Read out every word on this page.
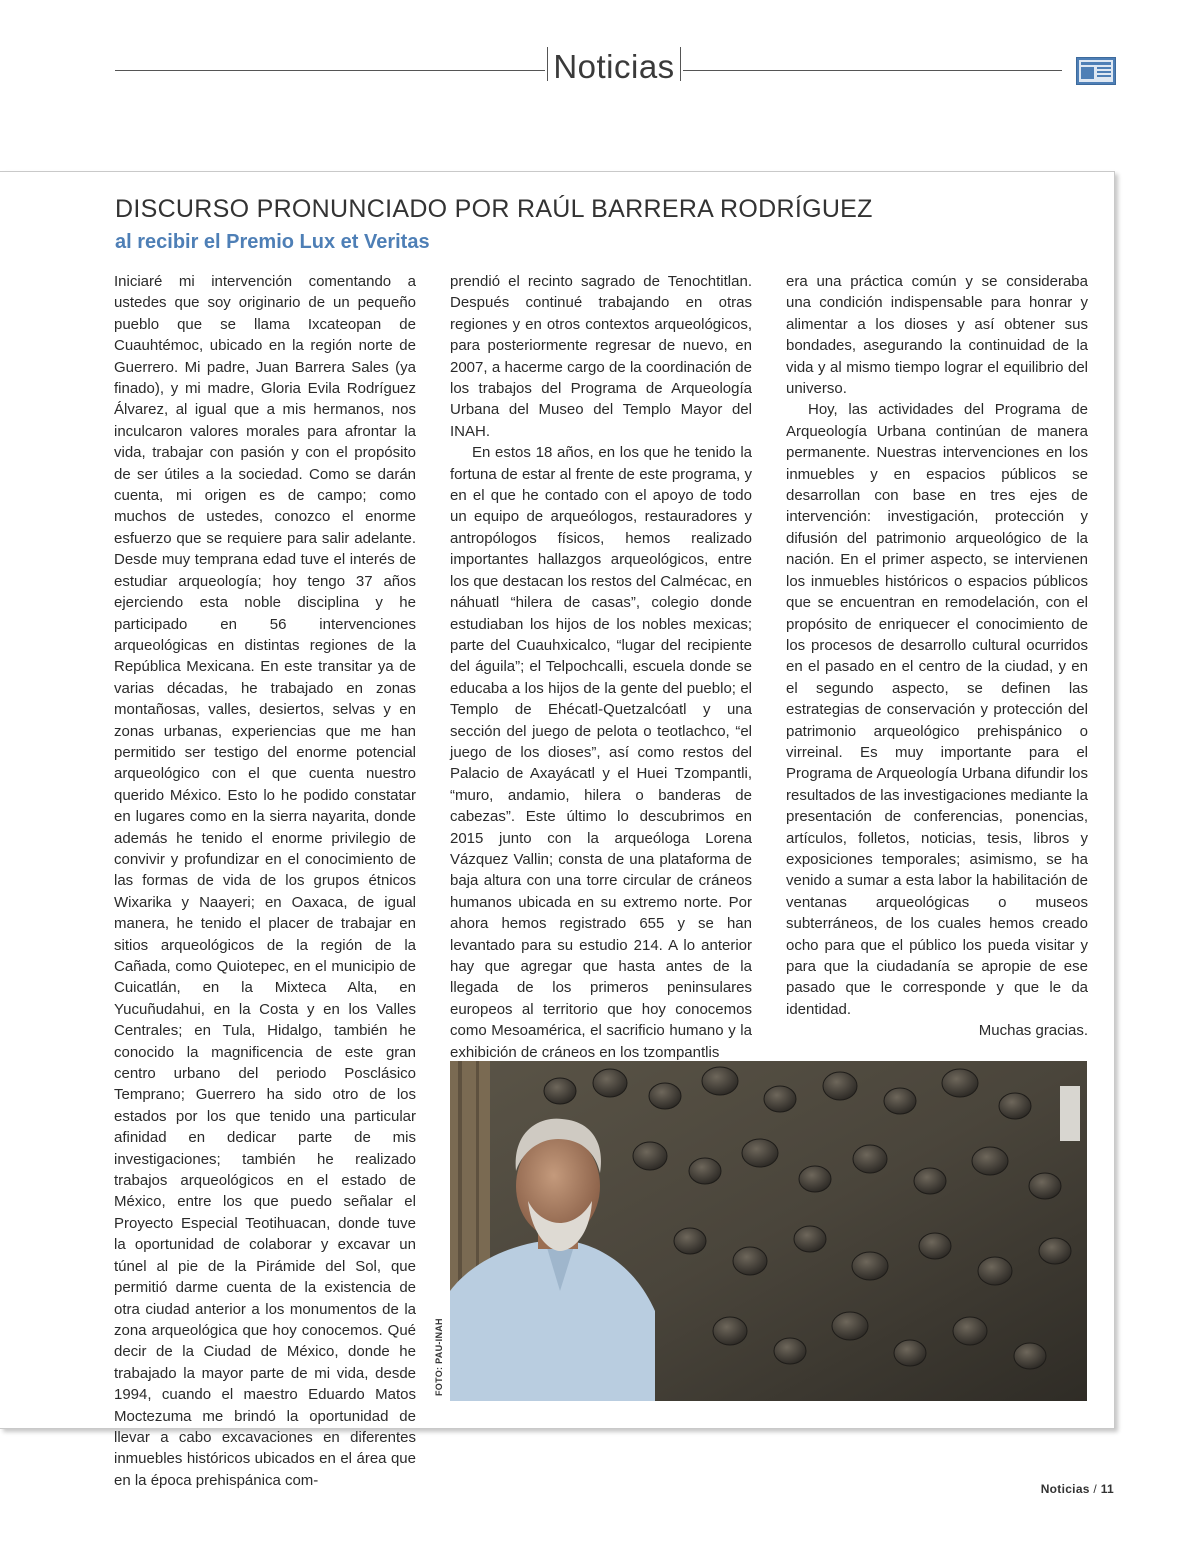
Noticias
DISCURSO PRONUNCIADO POR RAÚL BARRERA RODRÍGUEZ
al recibir el Premio Lux et Veritas

Iniciaré mi intervención comentando a ustedes que soy originario de un pequeño pueblo que se llama Ixcateopan de Cuauhtémoc, ubicado en la región norte de Guerrero. Mi padre, Juan Barrera Sales (ya finado), y mi madre, Gloria Evila Rodríguez Álvarez, al igual que a mis hermanos, nos inculcaron valores morales para afrontar la vida, trabajar con pasión y con el propósito de ser útiles a la sociedad. Como se darán cuenta, mi origen es de campo; como muchos de ustedes, conozco el enorme esfuerzo que se requiere para salir adelante. Desde muy temprana edad tuve el interés de estudiar arqueología; hoy tengo 37 años ejerciendo esta noble disciplina y he participado en 56 intervenciones arqueológicas en distintas regiones de la República Mexicana. En este transitar ya de varias décadas, he trabajado en zonas montañosas, valles, desiertos, selvas y en zonas urbanas, experiencias que me han permitido ser testigo del enorme potencial arqueológico con el que cuenta nuestro querido México. Esto lo he podido constatar en lugares como en la sierra nayarita, donde además he tenido el enorme privilegio de convivir y profundizar en el conocimiento de las formas de vida de los grupos étnicos Wixarika y Naayeri; en Oaxaca, de igual manera, he tenido el placer de trabajar en sitios arqueológicos de la región de la Cañada, como Quiotepec, en el municipio de Cuicatlán, en la Mixteca Alta, en Yucuñudahui, en la Costa y en los Valles Centrales; en Tula, Hidalgo, también he conocido la magnificencia de este gran centro urbano del periodo Posclásico Temprano; Guerrero ha sido otro de los estados por los que tenido una particular afinidad en dedicar parte de mis investigaciones; también he realizado trabajos arqueológicos en el estado de México, entre los que puedo señalar el Proyecto Especial Teotihuacan, donde tuve la oportunidad de colaborar y excavar un túnel al pie de la Pirámide del Sol, que permitió darme cuenta de la existencia de otra ciudad anterior a los monumentos de la zona arqueológica que hoy conocemos. Qué decir de la Ciudad de México, donde he trabajado la mayor parte de mi vida, desde 1994, cuando el maestro Eduardo Matos Moctezuma me brindó la oportunidad de llevar a cabo excavaciones en diferentes inmuebles históricos ubicados en el área que en la época prehispánica com-

prendió el recinto sagrado de Tenochtitlan. Después continué trabajando en otras regiones y en otros contextos arqueológicos, para posteriormente regresar de nuevo, en 2007, a hacerme cargo de la coordinación de los trabajos del Programa de Arqueología Urbana del Museo del Templo Mayor del INAH.

En estos 18 años, en los que he tenido la fortuna de estar al frente de este programa, y en el que he contado con el apoyo de todo un equipo de arqueólogos, restauradores y antropólogos físicos, hemos realizado importantes hallazgos arqueológicos, entre los que destacan los restos del Calmécac, en náhuatl “hilera de casas”, colegio donde estudiaban los hijos de los nobles mexicas; parte del Cuauhxicalco, “lugar del recipiente del águila”; el Telpochcalli, escuela donde se educaba a los hijos de la gente del pueblo; el Templo de Ehécatl-Quetzalcóatl y una sección del juego de pelota o teotlachco, “el juego de los dioses”, así como restos del Palacio de Axayácatl y el Huei Tzompantli, “muro, andamio, hilera o banderas de cabezas”. Este último lo descubrimos en 2015 junto con la arqueóloga Lorena Vázquez Vallin; consta de una plataforma de baja altura con una torre circular de cráneos humanos ubicada en su extremo norte. Por ahora hemos registrado 655 y se han levantado para su estudio 214. A lo anterior hay que agregar que hasta antes de la llegada de los primeros peninsulares europeos al territorio que hoy conocemos como Mesoamérica, el sacrificio humano y la exhibición de cráneos en los tzompantlis

era una práctica común y se consideraba una condición indispensable para honrar y alimentar a los dioses y así obtener sus bondades, asegurando la continuidad de la vida y al mismo tiempo lograr el equilibrio del universo.

Hoy, las actividades del Programa de Arqueología Urbana continúan de manera permanente. Nuestras intervenciones en los inmuebles y en espacios públicos se desarrollan con base en tres ejes de intervención: investigación, protección y difusión del patrimonio arqueológico de la nación. En el primer aspecto, se intervienen los inmuebles históricos o espacios públicos que se encuentran en remodelación, con el propósito de enriquecer el conocimiento de los procesos de desarrollo cultural ocurridos en el pasado en el centro de la ciudad, y en el segundo aspecto, se definen las estrategias de conservación y protección del patrimonio arqueológico prehispánico o virreinal. Es muy importante para el Programa de Arqueología Urbana difundir los resultados de las investigaciones mediante la presentación de conferencias, ponencias, artículos, folletos, noticias, tesis, libros y exposiciones temporales; asimismo, se ha venido a sumar a esta labor la habilitación de ventanas arqueológicas o museos subterráneos, de los cuales hemos creado ocho para que el público los pueda visitar y para que la ciudadanía se apropie de ese pasado que le corresponde y que le da identidad.

Muchas gracias.

FOTO: PAU-INAH
Noticias / 11
